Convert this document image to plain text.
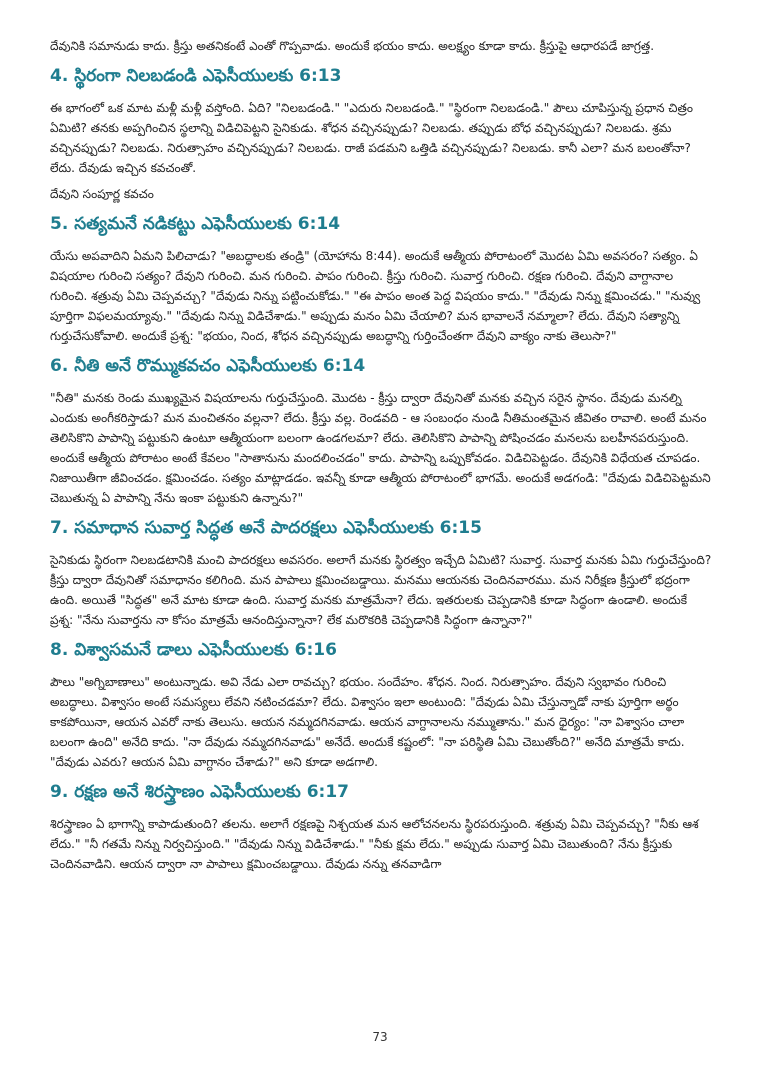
దేవునికి సమానుడు కాదు. క్రీస్తు అతనికంటే ఎంతో గొప్పవాడు. అందుకే భయం కాదు. అలక్ష్యం కూడా కాదు. క్రీస్తుపై ఆధారపడే జాగ్రత్త.

4. స్థిరంగా నిలబడండి ఎఫెసీయులకు 6:13

ఈ భాగంలో ఒక మాట మళ్లీ మళ్లీ వస్తోంది. ఏది? "నిలబడండి." "ఎదురు నిలబడండి." "స్థిరంగా నిలబడండి." పౌలు చూపిస్తున్న ప్రధాన చిత్రం ఏమిటి? తనకు అప్పగించిన స్థలాన్ని విడిచిపెట్టని సైనికుడు. శోధన వచ్చినప్పుడు? నిలబడు. తప్పుడు బోధ వచ్చినప్పుడు? నిలబడు. శ్రమ వచ్చినప్పుడు? నిలబడు. నిరుత్సాహం వచ్చినప్పుడు? నిలబడు. రాజీ పడమని ఒత్తిడి వచ్చినప్పుడు? నిలబడు. కానీ ఎలా? మన బలంతోనా? లేదు. దేవుడు ఇచ్చిన కవచంతో.

దేవుని సంపూర్ణ కవచం

5. సత్యమనే నడికట్టు ఎఫెసీయులకు 6:14

యేసు అపవాదిని ఏమని పిలిచాడు? "అబద్ధాలకు తండ్రి" (యోహాను 8:44). అందుకే ఆత్మీయ పోరాటంలో మొదట ఏమి అవసరం? సత్యం. ఏ విషయాల గురించి సత్యం? దేవుని గురించి. మన గురించి. పాపం గురించి. క్రీస్తు గురించి. సువార్త గురించి. రక్షణ గురించి. దేవుని వాగ్దానాల గురించి. శత్రువు ఏమి చెప్పవచ్చు? "దేవుడు నిన్ను పట్టించుకోడు." "ఈ పాపం అంత పెద్ద విషయం కాదు." "దేవుడు నిన్ను క్షమించడు." "నువ్వు పూర్తిగా విఫలమయ్యావు." "దేవుడు నిన్ను విడిచేశాడు." అప్పుడు మనం ఏమి చేయాలి? మన భావాలనే నమ్మాలా? లేదు. దేవుని సత్యాన్ని గుర్తుచేసుకోవాలి. అందుకే ప్రశ్న: "భయం, నింద, శోధన వచ్చినప్పుడు అబద్ధాన్ని గుర్తించేంతగా దేవుని వాక్యం నాకు తెలుసా?"

6. నీతి అనే రొమ్ముకవచం ఎఫెసీయులకు 6:14

"నీతి" మనకు రెండు ముఖ్యమైన విషయాలను గుర్తుచేస్తుంది. మొదట - క్రీస్తు ద్వారా దేవునితో మనకు వచ్చిన సరైన స్థానం. దేవుడు మనల్ని ఎందుకు అంగీకరిస్తాడు? మన మంచితనం వల్లనా? లేదు. క్రీస్తు వల్ల. రెండవది - ఆ సంబంధం నుండి నీతిమంతమైన జీవితం రావాలి. అంటే మనం తెలిసికొని పాపాన్ని పట్టుకుని ఉంటూ ఆత్మీయంగా బలంగా ఉండగలమా? లేదు. తెలిసికొని పాపాన్ని పోషించడం మనలను బలహీనపరుస్తుంది. అందుకే ఆత్మీయ పోరాటం అంటే కేవలం "సాతానును మందలించడం" కాదు. పాపాన్ని ఒప్పుకోవడం. విడిచిపెట్టడం. దేవునికి విధేయత చూపడం. నిజాయితీగా జీవించడం. క్షమించడం. సత్యం మాట్లాడడం. ఇవన్నీ కూడా ఆత్మీయ పోరాటంలో భాగమే. అందుకే అడగండి: "దేవుడు విడిచిపెట్టమని చెబుతున్న ఏ పాపాన్ని నేను ఇంకా పట్టుకుని ఉన్నాను?"

7. సమాధాన సువార్త సిద్ధత అనే పాదరక్షలు ఎఫెసీయులకు 6:15

సైనికుడు స్థిరంగా నిలబడటానికి మంచి పాదరక్షలు అవసరం. అలాగే మనకు స్థిరత్వం ఇచ్చేది ఏమిటి? సువార్త. సువార్త మనకు ఏమి గుర్తుచేస్తుంది? క్రీస్తు ద్వారా దేవునితో సమాధానం కలిగింది. మన పాపాలు క్షమించబడ్డాయి. మనము ఆయనకు చెందినవారము. మన నిరీక్షణ క్రీస్తులో భద్రంగా ఉంది. అయితే "సిద్ధత" అనే మాట కూడా ఉంది. సువార్త మనకు మాత్రమేనా? లేదు. ఇతరులకు చెప్పడానికి కూడా సిద్ధంగా ఉండాలి. అందుకే ప్రశ్న: "నేను సువార్తను నా కోసం మాత్రమే ఆనందిస్తున్నానా? లేక మరొకరికి చెప్పడానికి సిద్ధంగా ఉన్నానా?"

8. విశ్వాసమనే డాలు ఎఫెసీయులకు 6:16

పౌలు "అగ్నిబాణాలు" అంటున్నాడు. అవి నేడు ఎలా రావచ్చు? భయం. సందేహం. శోధన. నింద. నిరుత్సాహం. దేవుని స్వభావం గురించి అబద్ధాలు. విశ్వాసం అంటే సమస్యలు లేవని నటించడమా? లేదు. విశ్వాసం ఇలా అంటుంది: "దేవుడు ఏమి చేస్తున్నాడో నాకు పూర్తిగా అర్థం కాకపోయినా, ఆయన ఎవరో నాకు తెలుసు. ఆయన నమ్మదగినవాడు. ఆయన వాగ్దానాలను నమ్ముతాను." మన ధైర్యం: "నా విశ్వాసం చాలా బలంగా ఉంది" అనేది కాదు. "నా దేవుడు నమ్మదగినవాడు" అనేదే. అందుకే కష్టంలో: "నా పరిస్థితి ఏమి చెబుతోంది?" అనేది మాత్రమే కాదు. "దేవుడు ఎవరు? ఆయన ఏమి వాగ్దానం చేశాడు?" అని కూడా అడగాలి.

9. రక్షణ అనే శిరస్త్రాణం ఎఫెసీయులకు 6:17

శిరస్త్రాణం ఏ భాగాన్ని కాపాడుతుంది? తలను. అలాగే రక్షణపై నిశ్చయత మన ఆలోచనలను స్థిరపరుస్తుంది. శత్రువు ఏమి చెప్పవచ్చు? "నీకు ఆశ లేదు." "నీ గతమే నిన్ను నిర్వచిస్తుంది." "దేవుడు నిన్ను విడిచేశాడు." "నీకు క్షమ లేదు." అప్పుడు సువార్త ఏమి చెబుతుంది? నేను క్రీస్తుకు చెందినవాడిని. ఆయన ద్వారా నా పాపాలు క్షమించబడ్డాయి. దేవుడు నన్ను తనవాడిగా

73
